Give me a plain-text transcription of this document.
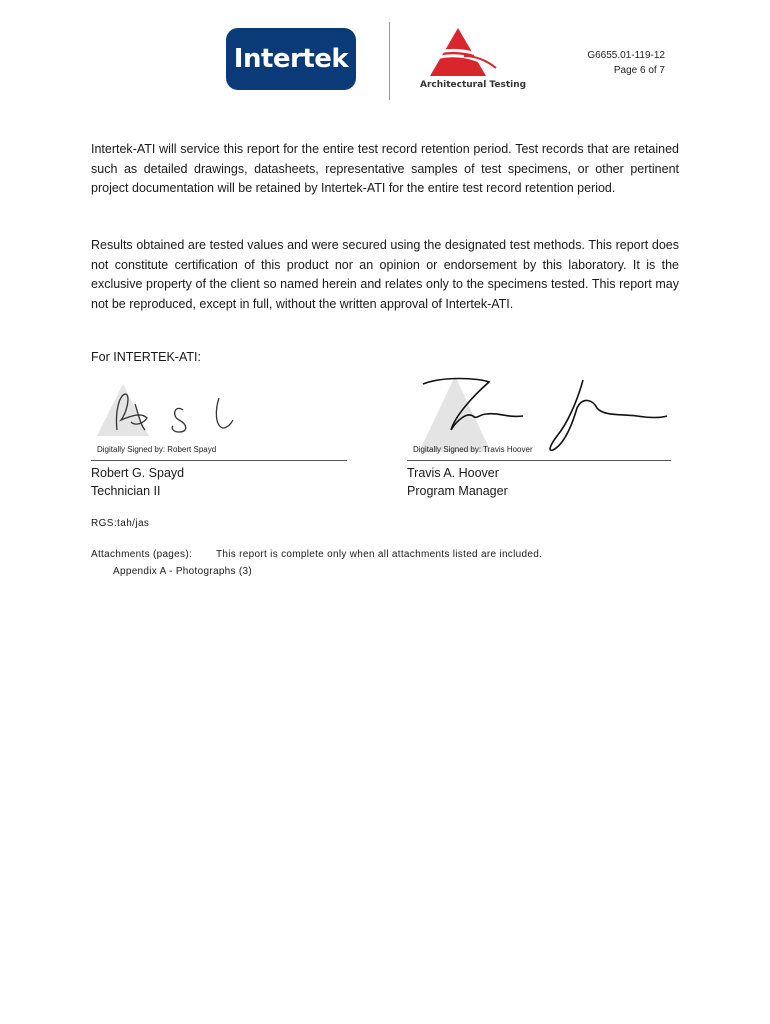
Intertek
Architectural Testing
G6655.01-119-12
Page 6 of 7

Intertek-ATI will service this report for the entire test record retention period. Test records that are retained such as detailed drawings, datasheets, representative samples of test specimens, or other pertinent project documentation will be retained by Intertek-ATI for the entire test record retention period.

Results obtained are tested values and were secured using the designated test methods. This report does not constitute certification of this product nor an opinion or endorsement by this laboratory. It is the exclusive property of the client so named herein and relates only to the specimens tested. This report may not be reproduced, except in full, without the written approval of Intertek-ATI.

For INTERTEK-ATI:
Digitally Signed by: Robert Spayd
Robert G. Spayd
Technician II
Digitally Signed by: Travis Hoover
Travis A. Hoover
Program Manager
RGS:tah/jas
Attachments (pages): This report is complete only when all attachments listed are included.
Appendix A - Photographs (3)
